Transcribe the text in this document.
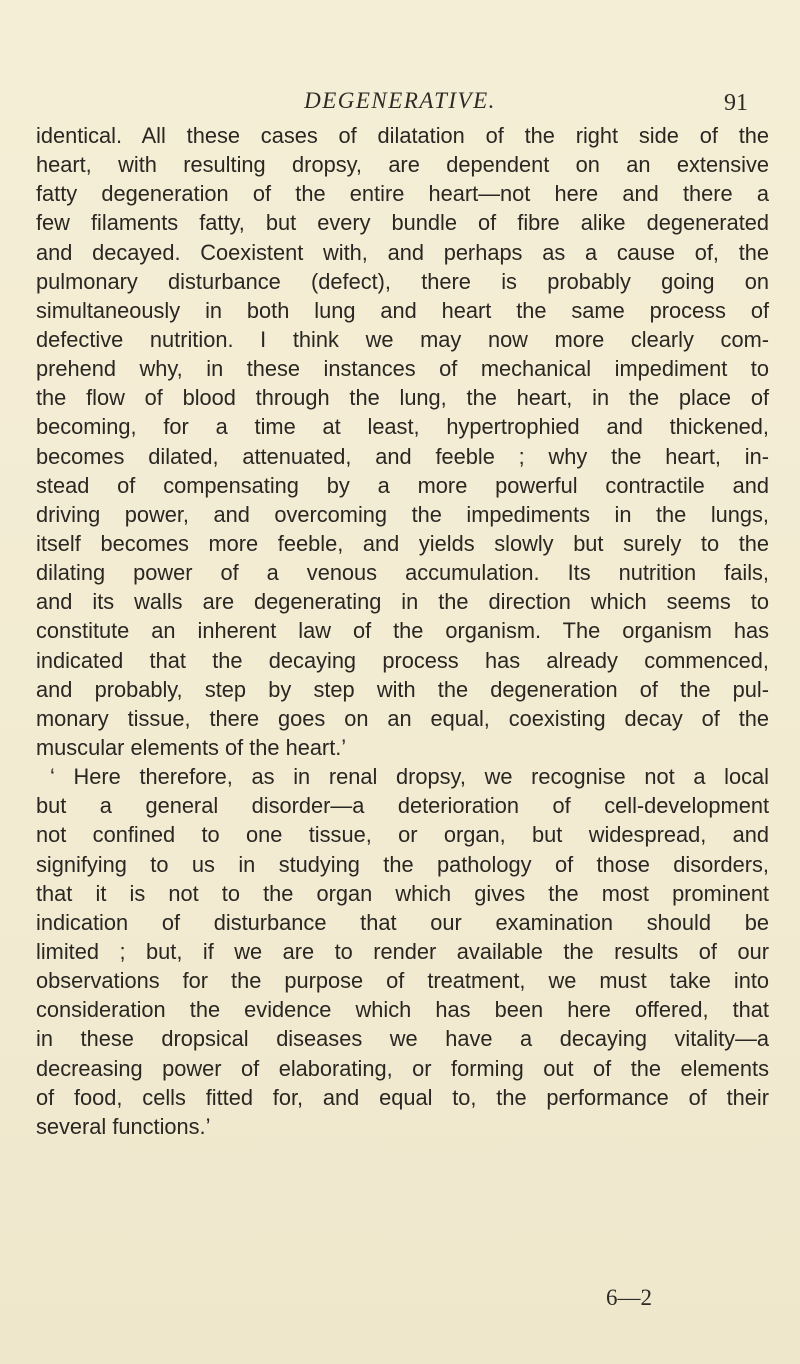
DEGENERATIVE.	91
identical. All these cases of dilatation of the right side of the
heart, with resulting dropsy, are dependent on an extensive
fatty degeneration of the entire heart—not here and there a
few filaments fatty, but every bundle of fibre alike degenerated
and decayed. Coexistent with, and perhaps as a cause of, the
pulmonary disturbance (defect), there is probably going on
simultaneously in both lung and heart the same process of
defective nutrition. I think we may now more clearly com-
prehend why, in these instances of mechanical impediment to
the flow of blood through the lung, the heart, in the place of
becoming, for a time at least, hypertrophied and thickened,
becomes dilated, attenuated, and feeble ; why the heart, in-
stead of compensating by a more powerful contractile and
driving power, and overcoming the impediments in the lungs,
itself becomes more feeble, and yields slowly but surely to the
dilating power of a venous accumulation. Its nutrition fails,
and its walls are degenerating in the direction which seems to
constitute an inherent law of the organism. The organism has
indicated that the decaying process has already commenced,
and probably, step by step with the degeneration of the pul-
monary tissue, there goes on an equal, coexisting decay of the
muscular elements of the heart.’
‘ Here therefore, as in renal dropsy, we recognise not a local
but a general disorder—a deterioration of cell-development
not confined to one tissue, or organ, but widespread, and
signifying to us in studying the pathology of those disorders,
that it is not to the organ which gives the most prominent
indication of disturbance that our examination should be
limited ; but, if we are to render available the results of our
observations for the purpose of treatment, we must take into
consideration the evidence which has been here offered, that
in these dropsical diseases we have a decaying vitality—a
decreasing power of elaborating, or forming out of the elements
of food, cells fitted for, and equal to, the performance of their
several functions.’
6—2
